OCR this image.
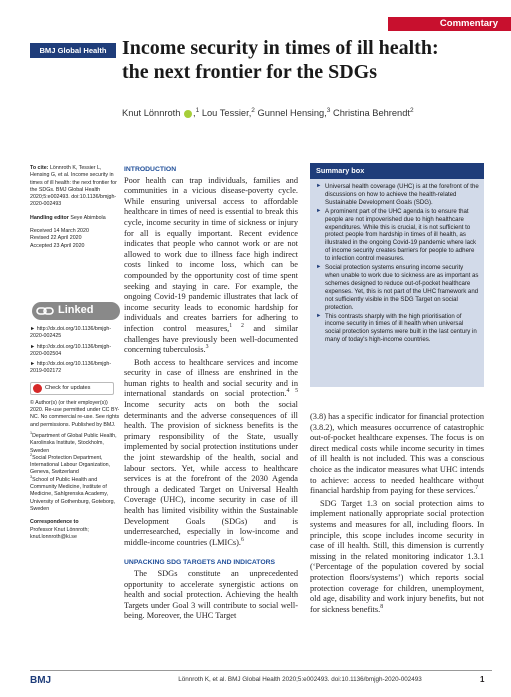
Commentary
BMJ Global Health Income security in times of ill health:
the next frontier for the SDGs
Knut Lönnroth ,$^1$ Lou Tessier,$^2$ Gunnel Hensing,$^3$ Christina Behrendt$^2$

To cite: Lönnroth K, Tessier L, Hensing G, et al. Income security in times of ill health: the next frontier for the SDGs. BMJ Global Health 2020;5:e002493. doi:10.1136/bmjgh-2020-002493

Handling editor Seye Abimbola

Received 14 March 2020

Revised 22 April 2020

Accepted 23 April 2020

Linked

► http://dx.doi.org/10.1136/bmjgh-2020-002425

► http://dx.doi.org/10.1136/bmjgh-2020-002504

► http://dx.doi.org/10.1136/bmjgh-2019-002172

Check for updates

© Author(s) (or their employer(s)) 2020. Re-use permitted under CC BY-NC. No commercial re-use. See rights and permissions. Published by BMJ.

$^1$Department of Global Public Health, Karolinska Institute, Stockholm, Sweden

$^2$Social Protection Department, International Labour Organization, Geneva, Switzerland

$^3$School of Public Health and Community Medicine, Institute of Medicine, Sahlgrenska Academy, University of Gothenburg, Goteborg, Sweden

Correspondence to

Professor Knut Lönnroth; knut.lonnroth@ki.se

INTRODUCTION

Poor health can trap individuals, families and communities in a vicious disease-poverty cycle. While ensuring universal access to affordable healthcare in times of need is essential to break this cycle, income security in time of sickness or injury for all is equally important. Recent evidence indicates that people who cannot work or are not allowed to work due to illness face high indirect costs linked to income loss, which can be compounded by the opportunity cost of time spent seeking and staying in care. For example, the ongoing Covid-19 pandemic illustrates that lack of income security leads to economic hardship for individuals and creates barriers for adhering to infection control measures,$^{1 2}$ and similar challenges have previously been well-documented concerning tuberculosis.$^3$

Both access to healthcare services and income security in case of illness are enshrined in the human rights to health and social security and in international standards on social protection.$^{4 5}$ Income security acts on both the social determinants and the adverse consequences of ill health. The provision of sickness benefits is the primary responsibility of the State, usually implemented by social protection institutions under the joint stewardship of the health, social and labour sectors. Yet, while access to healthcare services is at the forefront of the 2030 Agenda through a dedicated Target on Universal Health Coverage (UHC), income security in case of ill health has limited visibility within the Sustainable Development Goals (SDGs) and is underresearched, especially in low-income and middle-income countries (LMICs).$^6$

UNPACKING SDG TARGETS AND INDICATORS

The SDGs constitute an unprecedented opportunity to accelerate synergistic actions on health and social protection. Achieving the health Targets under Goal 3 will contribute to social well-being. Moreover, the UHC Target

Summary box
► Universal health coverage (UHC) is at the forefront of the discussions on how to achieve the health-related Sustainable Development Goals (SDG).
► A prominent part of the UHC agenda is to ensure that people are not impoverished due to high healthcare expenditures. While this is crucial, it is not sufficient to protect people from hardship in times of ill health, as illustrated in the ongoing Covid-19 pandemic where lack of income security creates barriers for people to adhere to infection control measures.
► Social protection systems ensuring income security when unable to work due to sickness are as important as schemes designed to reduce out-of-pocket healthcare expenses. Yet, this is not part of the UHC framework and not sufficiently visible in the SDG Target on social protection.
► This contrasts sharply with the high prioritisation of income security in times of ill health when universal social protection systems were built in the last century in many of today's high-income countries.

(3.8) has a specific indicator for financial protection (3.8.2), which measures occurrence of catastrophic out-of-pocket healthcare expenses. The focus is on direct medical costs while income security in times of ill health is not included. This was a conscious choice as the indicator measures what UHC intends to achieve: access to needed healthcare without financial hardship from paying for these services.$^7$

SDG Target 1.3 on social protection aims to implement nationally appropriate social protection systems and measures for all, including floors. In principle, this scope includes income security in case of ill health. Still, this dimension is currently missing in the related monitoring indicator 1.3.1 (‘Percentage of the population covered by social protection floors/systems’) which reports social protection coverage for children, unemployment, old age, disability and work injury benefits, but not for sickness benefits.$^8$

BMJ	Lönnroth K, et al. BMJ Global Health 2020;5:e002493. doi:10.1136/bmjgh-2020-002493	1
